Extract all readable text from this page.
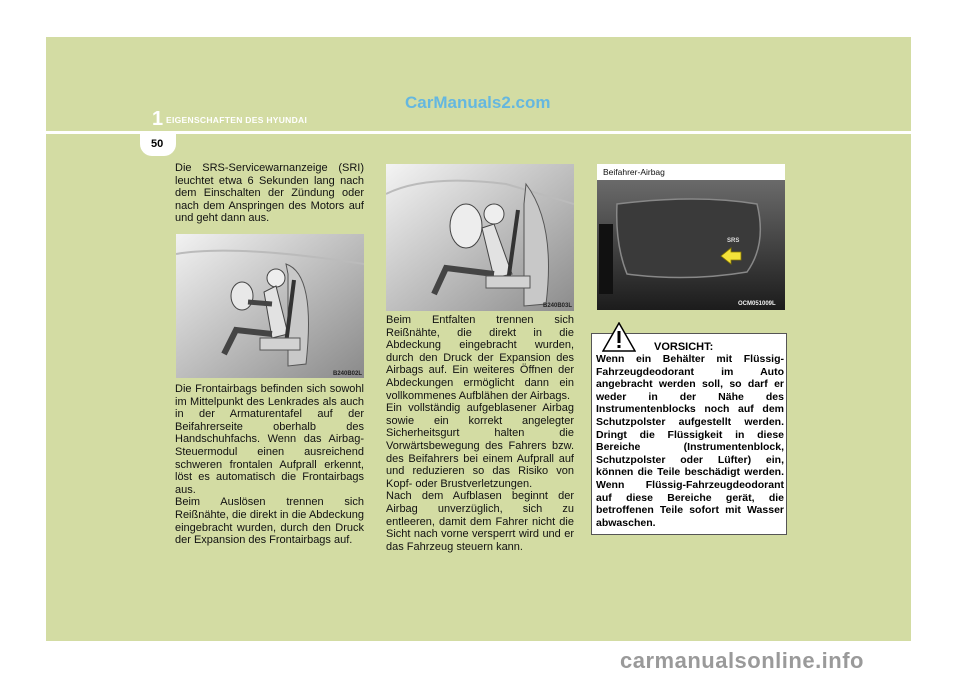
1 EIGENSCHAFTEN DES HYUNDAI
50
CarManuals2.com
Die SRS-Servicewarnanzeige (SRI) leuchtet etwa 6 Sekunden lang nach dem Einschalten der Zündung oder nach dem Anspringen des Motors auf und geht dann aus.
B240B02L
Die Frontairbags befinden sich sowohl im Mittelpunkt des Lenkrades als auch in der Armaturentafel auf der Beifahrerseite oberhalb des Handschuhfachs. Wenn das Airbag-Steuermodul einen ausreichend schweren frontalen Aufprall erkennt, löst es automatisch die Frontairbags aus.
Beim Auslösen trennen sich Reißnähte, die direkt in die Abdeckung eingebracht wurden, durch den Druck der Expansion des Frontairbags auf.
B240B03L
Beim Entfalten trennen sich Reißnähte, die direkt in die Abdeckung eingebracht wurden, durch den Druck der Expansion des Airbags auf. Ein weiteres Öffnen der Abdeckungen ermöglicht dann ein vollkommenes Aufblähen der Airbags.
Ein vollständig aufgeblasener Airbag sowie ein korrekt angelegter Sicherheitsgurt halten die Vorwärtsbewegung des Fahrers bzw. des Beifahrers bei einem Aufprall auf und reduzieren so das Risiko von Kopf- oder Brustverletzungen.
Nach dem Aufblasen beginnt der Airbag unverzüglich, sich zu entleeren, damit dem Fahrer nicht die Sicht nach vorne versperrt wird und er das Fahrzeug steuern kann.
Beifahrer-Airbag
SRS
OCM051009L
VORSICHT:
Wenn ein Behälter mit Flüssig-Fahrzeugdeodorant im Auto angebracht werden soll, so darf er weder in der Nähe des Instrumentenblocks noch auf dem Schutzpolster aufgestellt werden. Dringt die Flüssigkeit in diese Bereiche (Instrumentenblock, Schutzpolster oder Lüfter) ein, können die Teile beschädigt werden. Wenn Flüssig-Fahrzeugdeodorant auf diese Bereiche gerät, die betroffenen Teile sofort mit Wasser abwaschen.
carmanualsonline.info
